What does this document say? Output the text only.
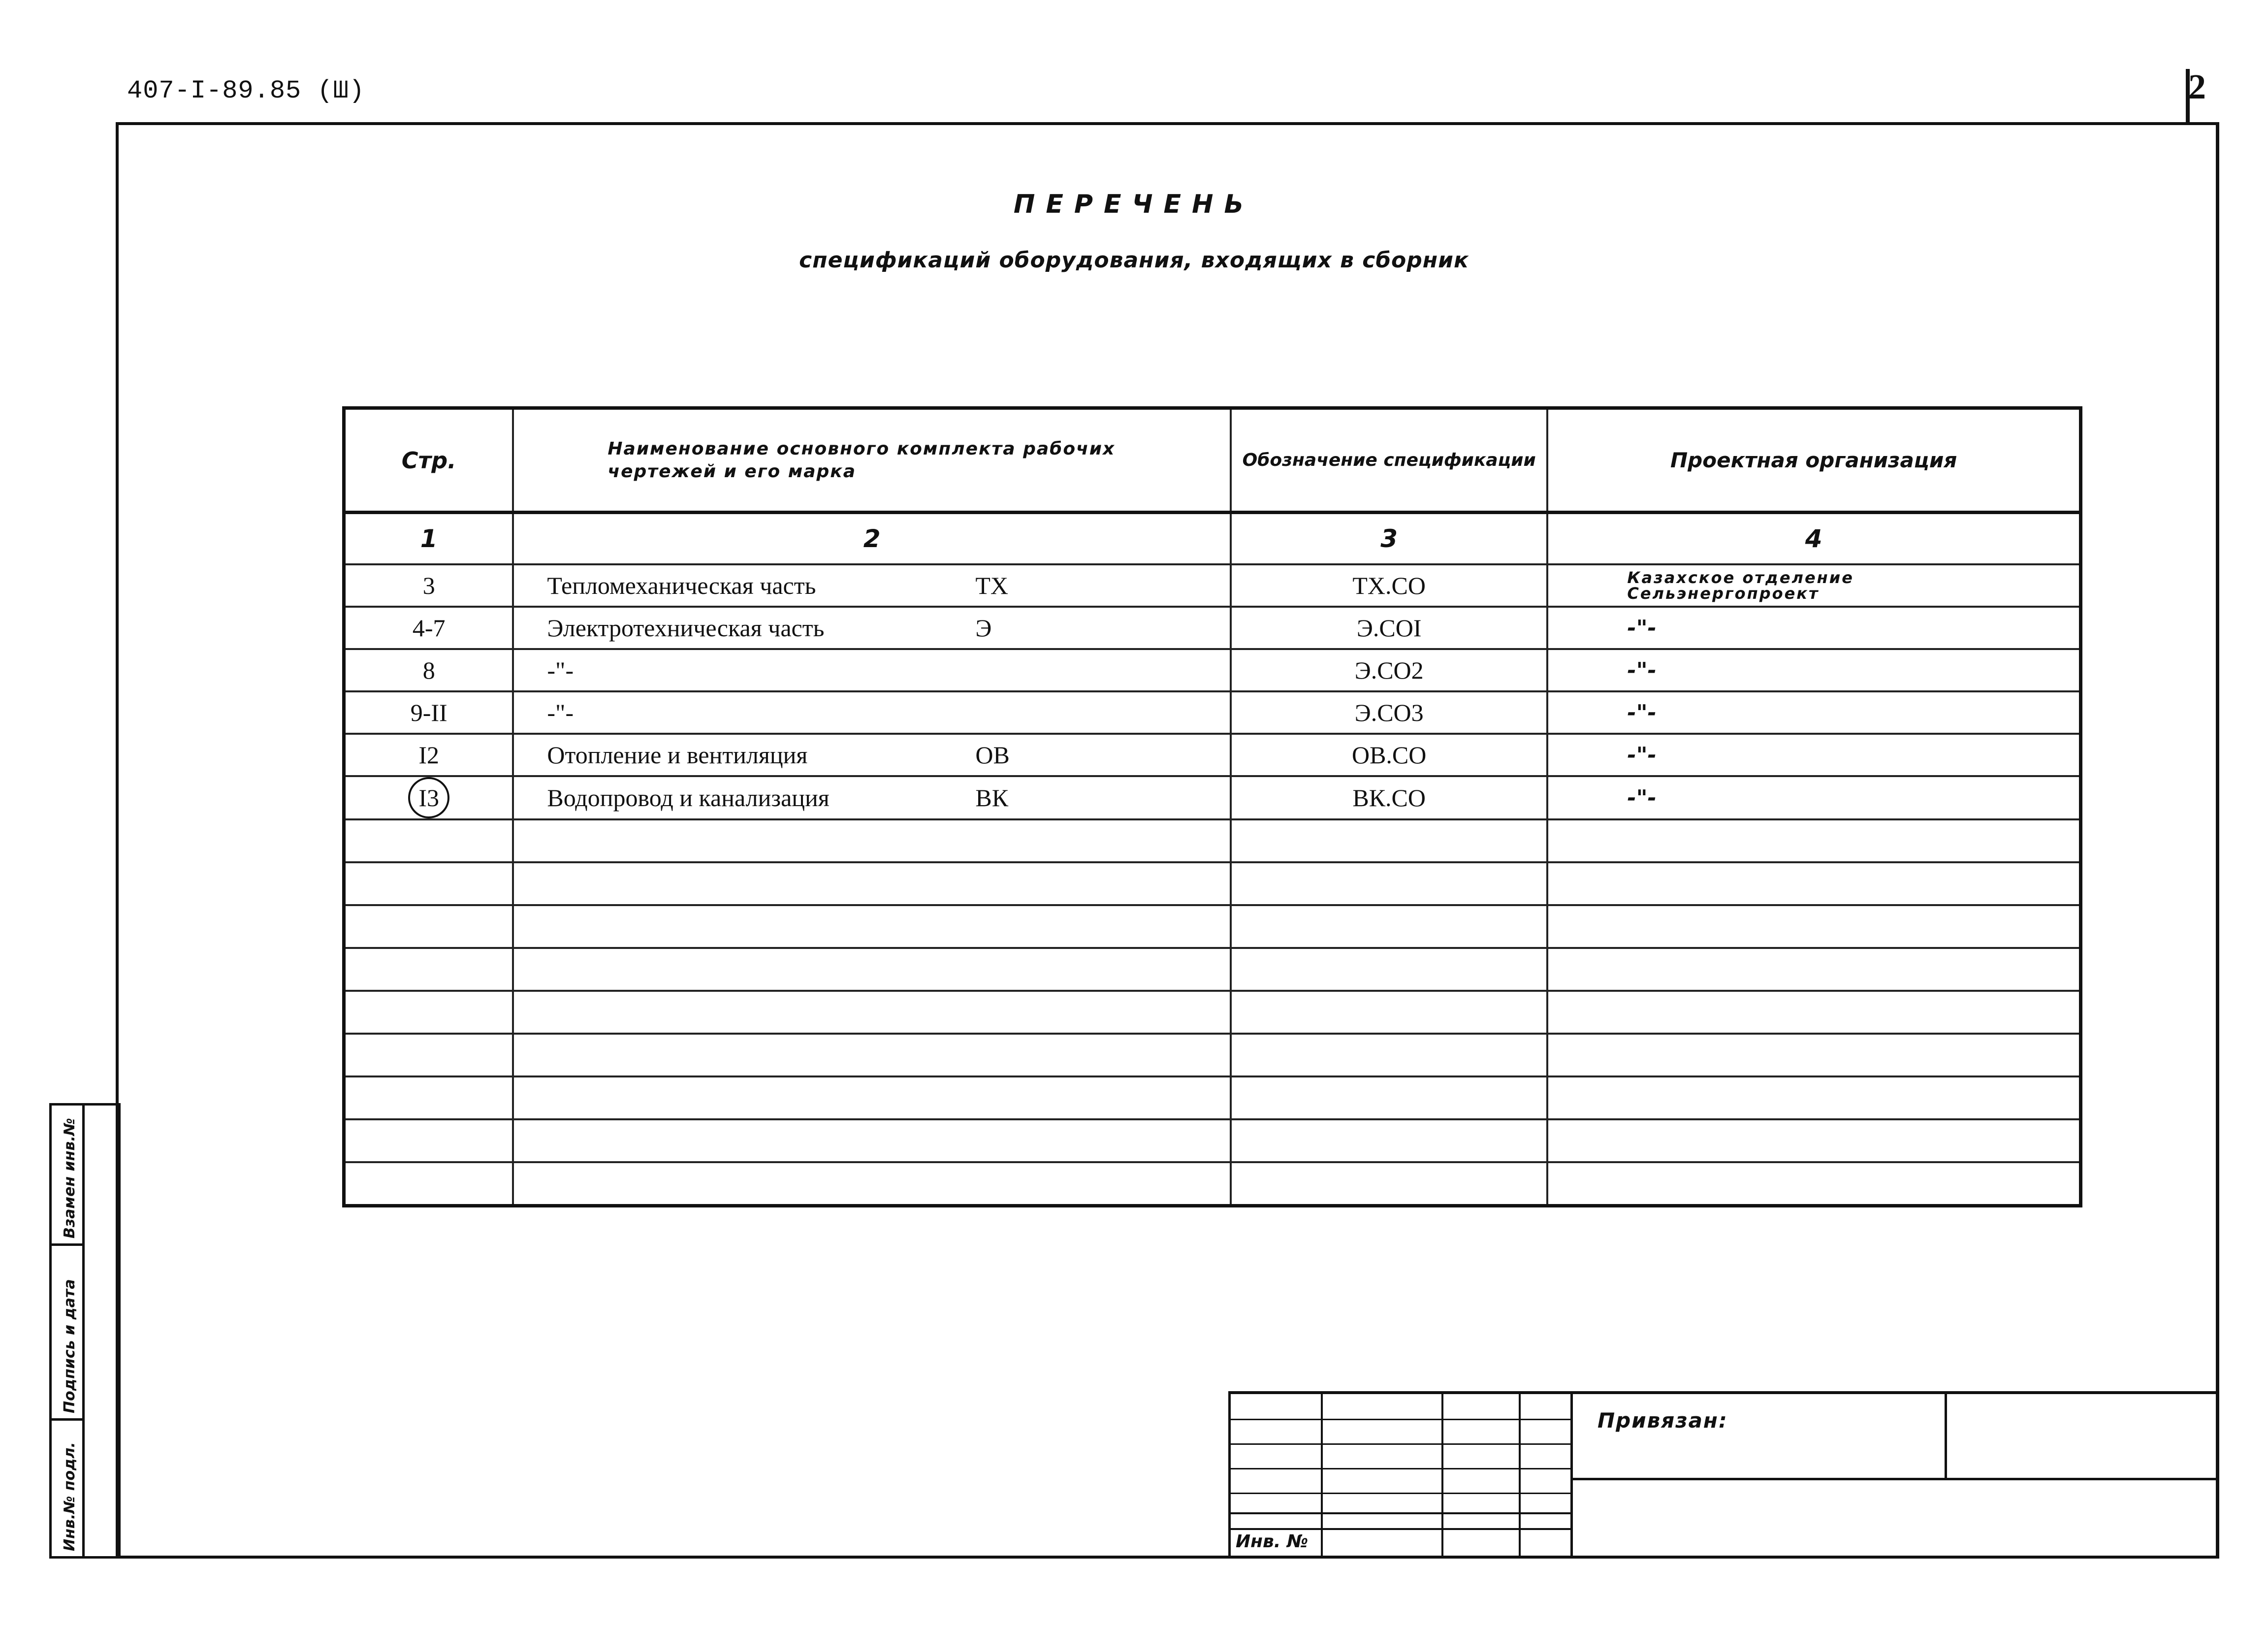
407-I-89.85 (Ш)	2
ПЕРЕЧЕНЬ
спецификаций оборудования, входящих в сборник
Стр.	Наименование основного комплекта рабочих чертежей и его марка	Обозначение спецификации	Проектная организация
1	2	3	4
3	Тепломеханическая часть ТХ	ТХ.СО	Казахское отделение Сельэнергопроект
4-7	Электротехническая часть Э	Э.СОI	-"-
8	-"-	Э.СО2	-"-
9-II	-"-	Э.СО3	-"-
I2	Отопление и вентиляция ОВ	ОВ.СО	-"-
I3	Водопровод и канализация ВК	ВК.СО	-"-

Взамен инв.№
Подпись и дата
Инв.№ подл.
Привязан:
Инв. №
